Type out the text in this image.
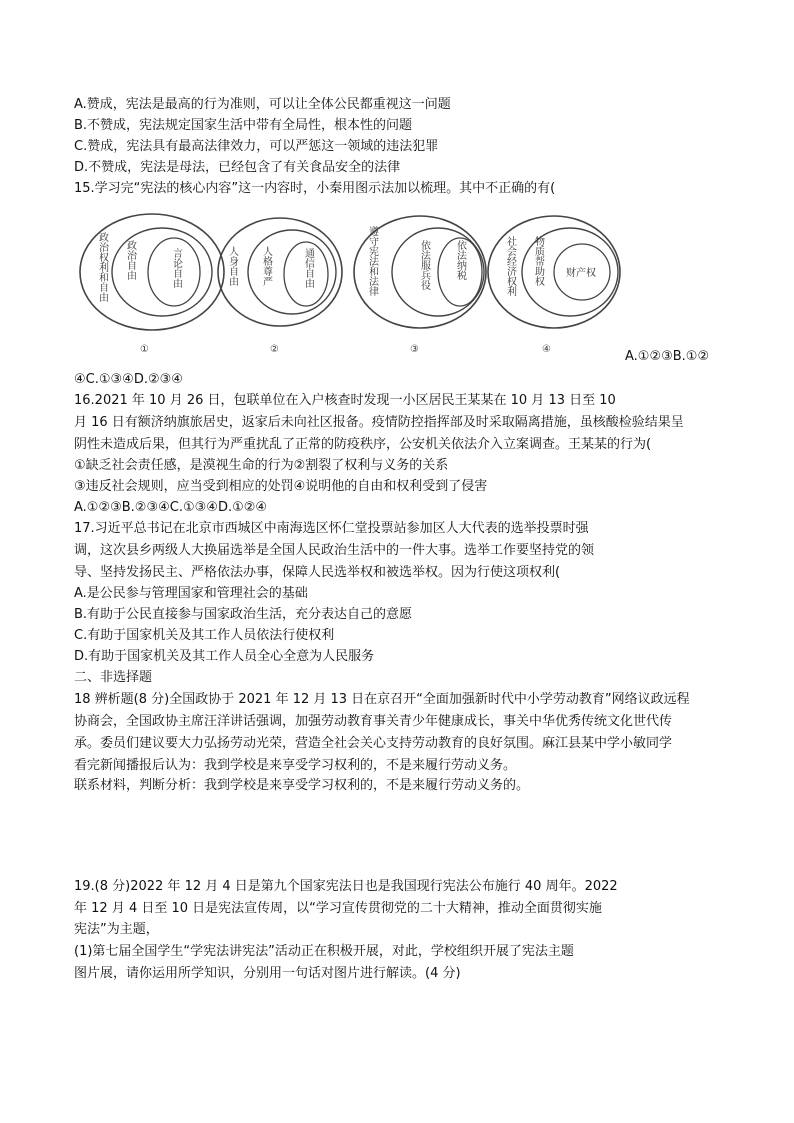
A.赞成，宪法是最高的行为准则，可以让全体公民都重视这一问题
B.不赞成，宪法规定国家生活中带有全局性，根本性的问题
C.赞成，宪法具有最高法律效力，可以严惩这一领域的违法犯罪
D.不赞成，宪法是母法，已经包含了有关食品安全的法律
15.学习完“宪法的核心内容”这一内容时，小秦用图示法加以梳理。其中不正确的有(
政治权利和自由 政治自由	言论自由
①
人身自由 人格尊严	通信自由
②
遵守宪法和法律	依法服兵役	依法纳税
③
社会经济权利 物质帮助权 财产权
④	A.①②③B.①②
④C.①③④D.②③④
16.2021 年 10 月 26 日，包联单位在入户核查时发现一小区居民王某某在 10 月 13 日至 10
月 16 日有额济纳旗旅居史，返家后未向社区报备。疫情防控指挥部及时采取隔离措施，虽核酸检验结果呈
阴性未造成后果，但其行为严重扰乱了正常的防疫秩序，公安机关依法介入立案调查。王某某的行为(
①缺乏社会责任感，是漠视生命的行为②割裂了权利与义务的关系
③违反社会规则，应当受到相应的处罚④说明他的自由和权利受到了侵害
A.①②③B.②③④C.①③④D.①②④
17.习近平总书记在北京市西城区中南海选区怀仁堂投票站参加区人大代表的选举投票时强
调，这次县乡两级人大换届选举是全国人民政治生活中的一件大事。选举工作要坚持党的领
导、坚持发扬民主、严格依法办事，保障人民选举权和被选举权。因为行使这项权利(
A.是公民参与管理国家和管理社会的基础
B.有助于公民直接参与国家政治生活，充分表达自己的意愿
C.有助于国家机关及其工作人员依法行使权利
D.有助于国家机关及其工作人员全心全意为人民服务
二、非选择题
18 辨析题(8 分)全国政协于 2021 年 12 月 13 日在京召开“全面加强新时代中小学劳动教育”网络议政远程
协商会，全国政协主席汪洋讲话强调，加强劳动教育事关青少年健康成长，事关中华优秀传统文化世代传
承。委员们建议要大力弘扬劳动光荣，营造全社会关心支持劳动教育的良好氛围。麻江县某中学小敏同学
看完新闻播报后认为：我到学校是来享受学习权利的，不是来履行劳动义务。
联系材料，判断分析：我到学校是来享受学习权利的，不是来履行劳动义务的。
19.(8 分)2022 年 12 月 4 日是第九个国家宪法日也是我国现行宪法公布施行 40 周年。2022
年 12 月 4 日至 10 日是宪法宣传周，以“学习宣传贯彻党的二十大精神，推动全面贯彻实施
宪法”为主题，
(1)第七届全国学生“学宪法讲宪法”活动正在积极开展，对此，学校组织开展了宪法主题
图片展，请你运用所学知识，分别用一句话对图片进行解读。(4 分)
